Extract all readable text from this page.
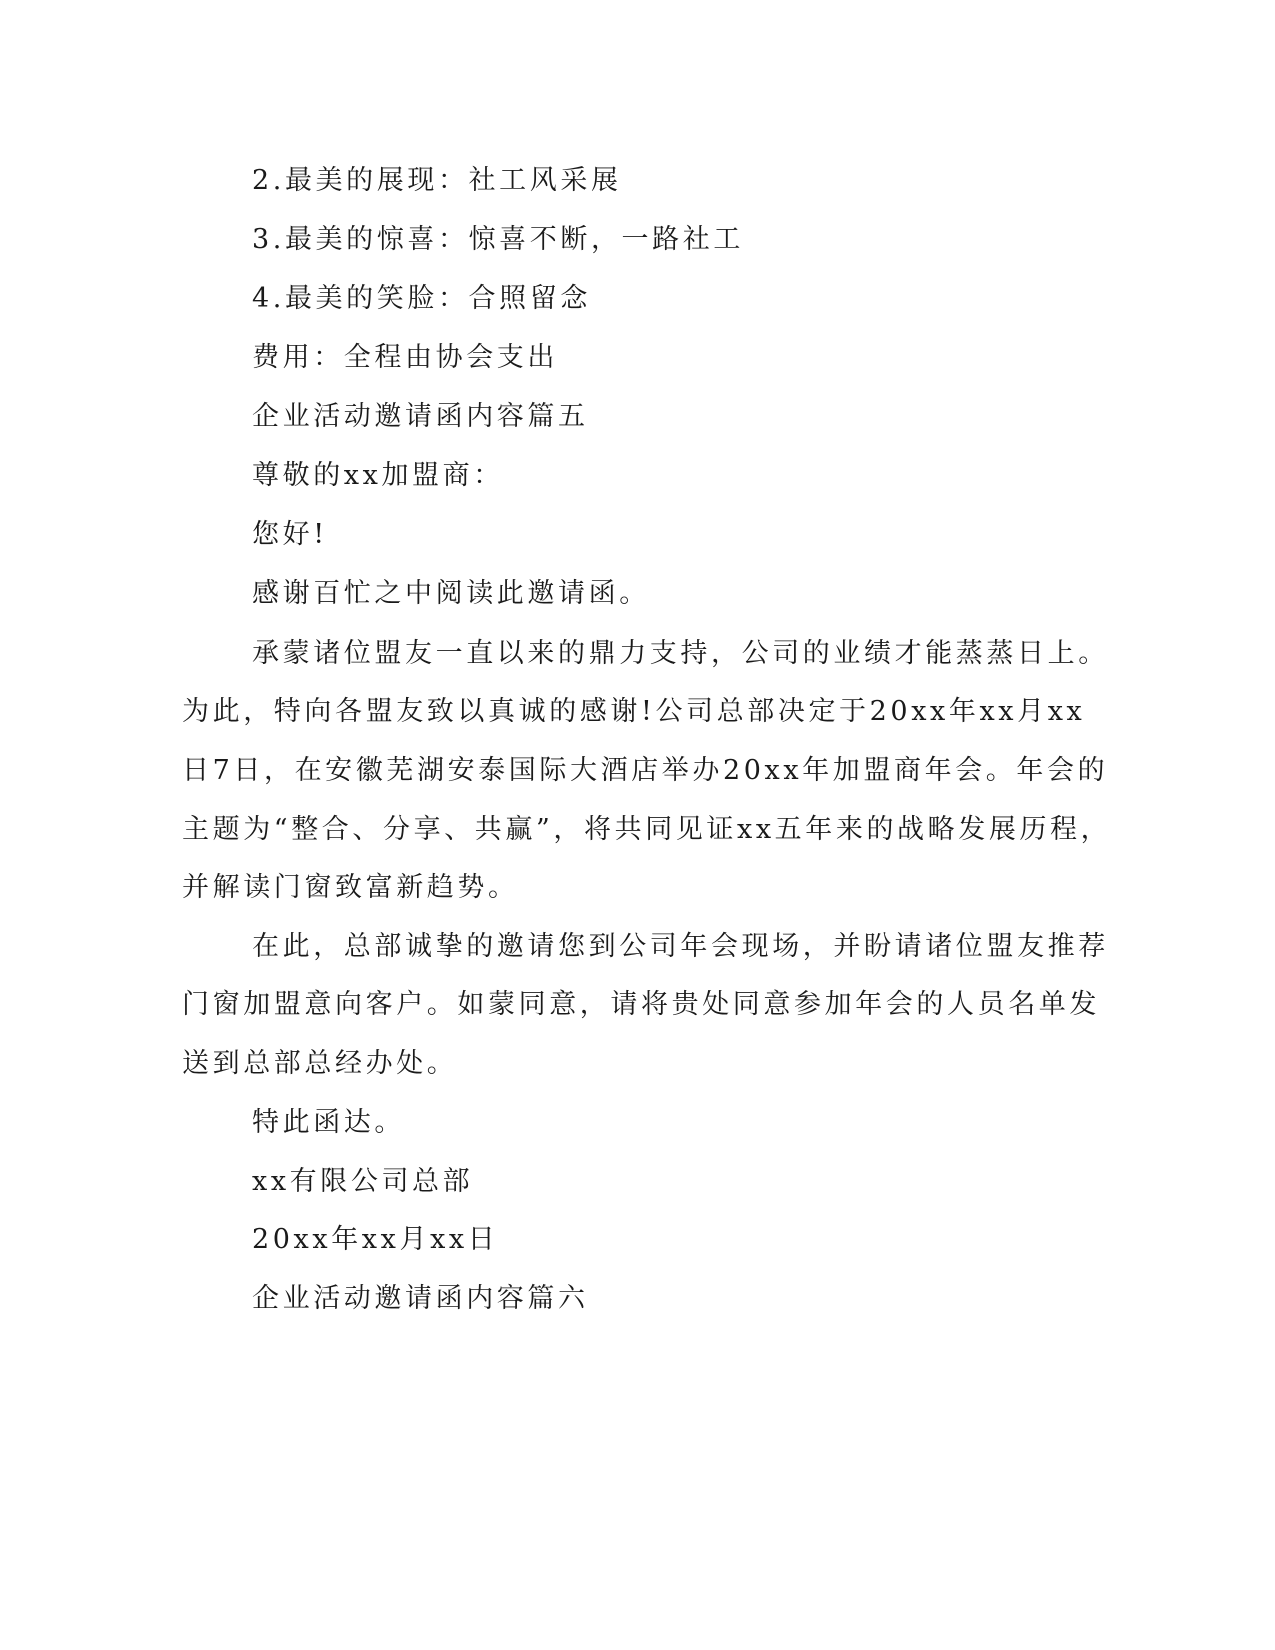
2.最美的展现：社工风采展

3.最美的惊喜：惊喜不断，一路社工

4.最美的笑脸：合照留念

费用：全程由协会支出

企业活动邀请函内容篇五

尊敬的xx加盟商：

您好!

感谢百忙之中阅读此邀请函。

承蒙诸位盟友一直以来的鼎力支持，公司的业绩才能蒸蒸日上。

为此，特向各盟友致以真诚的感谢!公司总部决定于20xx年xx月xx

日7日，在安徽芜湖安泰国际大酒店举办20xx年加盟商年会。年会的

主题为“整合、分享、共赢”，将共同见证xx五年来的战略发展历程，

并解读门窗致富新趋势。

在此，总部诚挚的邀请您到公司年会现场，并盼请诸位盟友推荐

门窗加盟意向客户。如蒙同意，请将贵处同意参加年会的人员名单发

送到总部总经办处。

特此函达。

xx有限公司总部

20xx年xx月xx日

企业活动邀请函内容篇六
